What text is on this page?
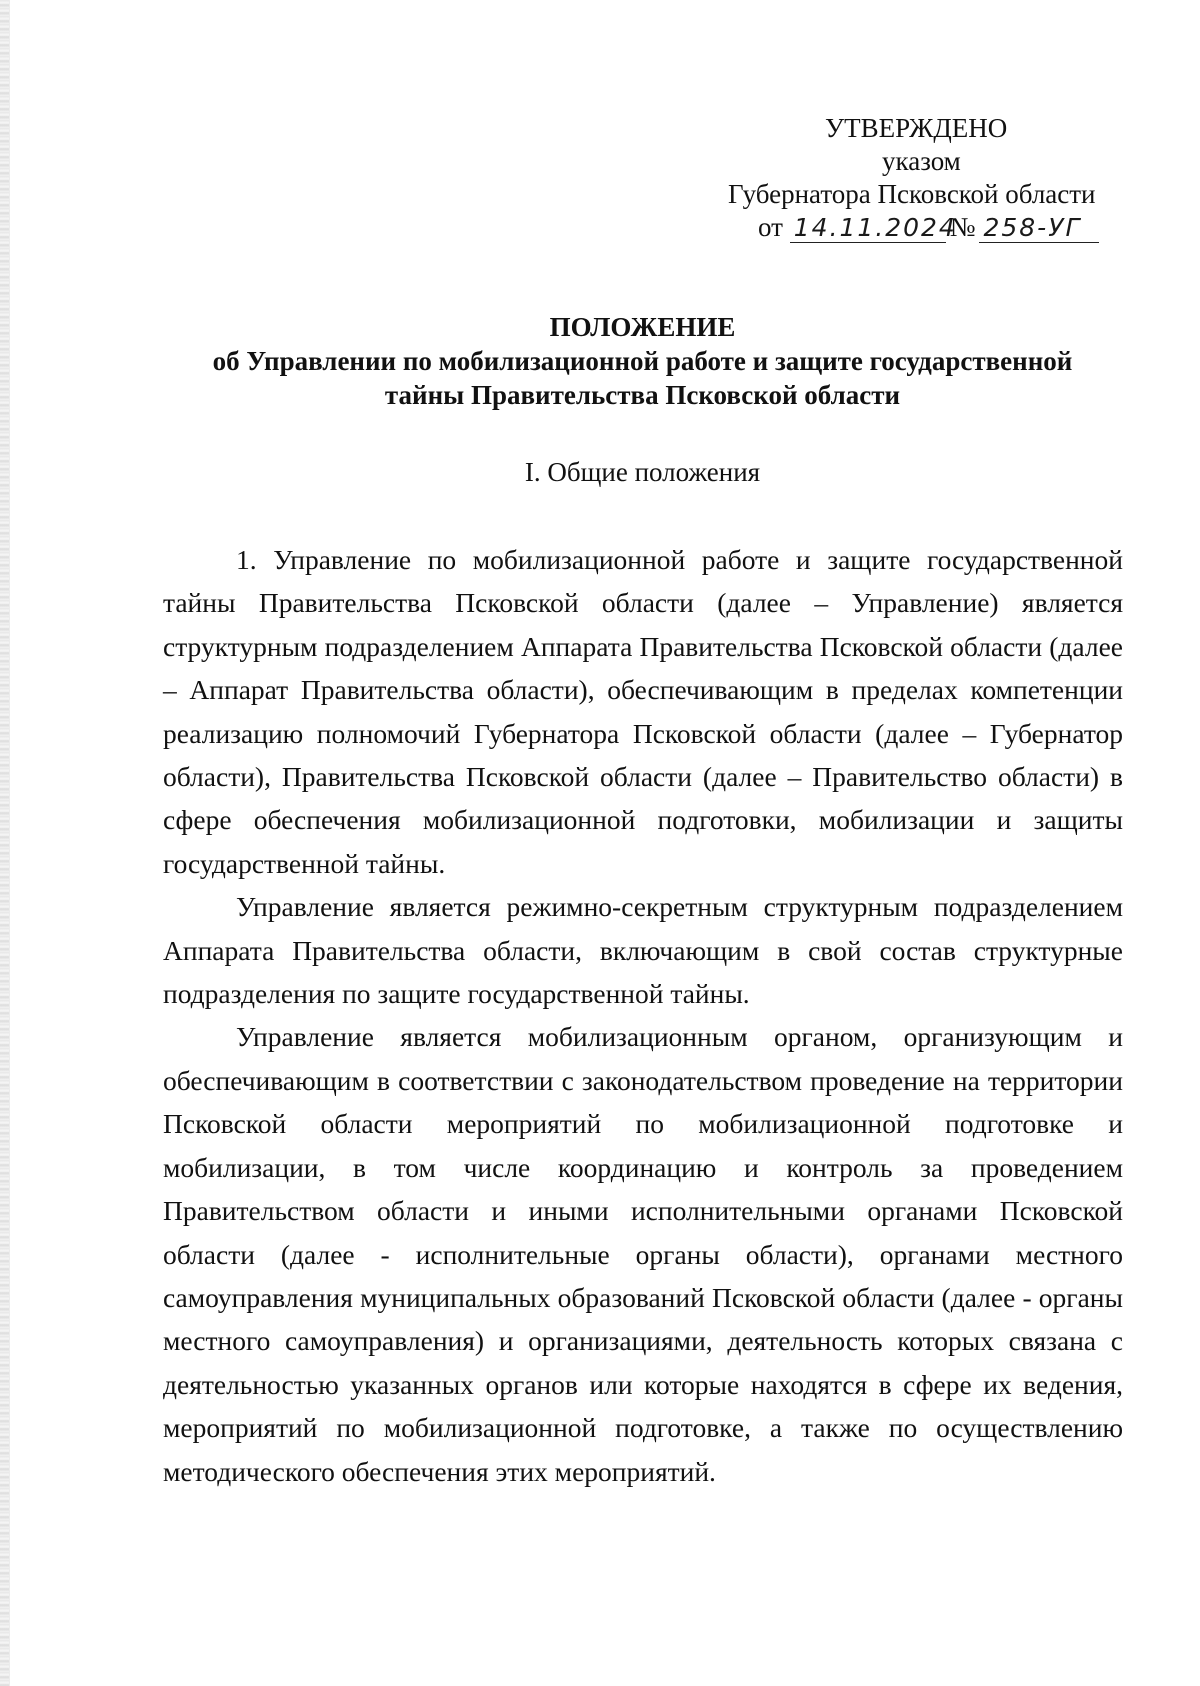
УТВЕРЖДЕНО
указом
Губернатора Псковской области
от 14.11.2024№ 258-УГ
ПОЛОЖЕНИЕ
об Управлении по мобилизационной работе и защите государственной
тайны Правительства Псковской области
I. Общие положения

1. Управление по мобилизационной работе и защите государственной тайны Правительства Псковской области (далее – Управление) является структурным подразделением Аппарата Правительства Псковской области (далее – Аппарат Правительства области), обеспечивающим в пределах компетенции реализацию полномочий Губернатора Псковской области (далее – Губернатор области), Правительства Псковской области (далее – Правительство области) в сфере обеспечения мобилизационной подготовки, мобилизации и защиты государственной тайны.

Управление является режимно-секретным структурным подразделением Аппарата Правительства области, включающим в свой состав структурные подразделения по защите государственной тайны.

Управление является мобилизационным органом, организующим и обеспечивающим в соответствии с законодательством проведение на территории Псковской области мероприятий по мобилизационной подготовке и мобилизации, в том числе координацию и контроль за проведением Правительством области и иными исполнительными органами Псковской области (далее - исполнительные органы области), органами местного самоуправления муниципальных образований Псковской области (далее - органы местного самоуправления) и организациями, деятельность которых связана с деятельностью указанных органов или которые находятся в сфере их ведения, мероприятий по мобилизационной подготовке, а также по осуществлению методического обеспечения этих мероприятий.
